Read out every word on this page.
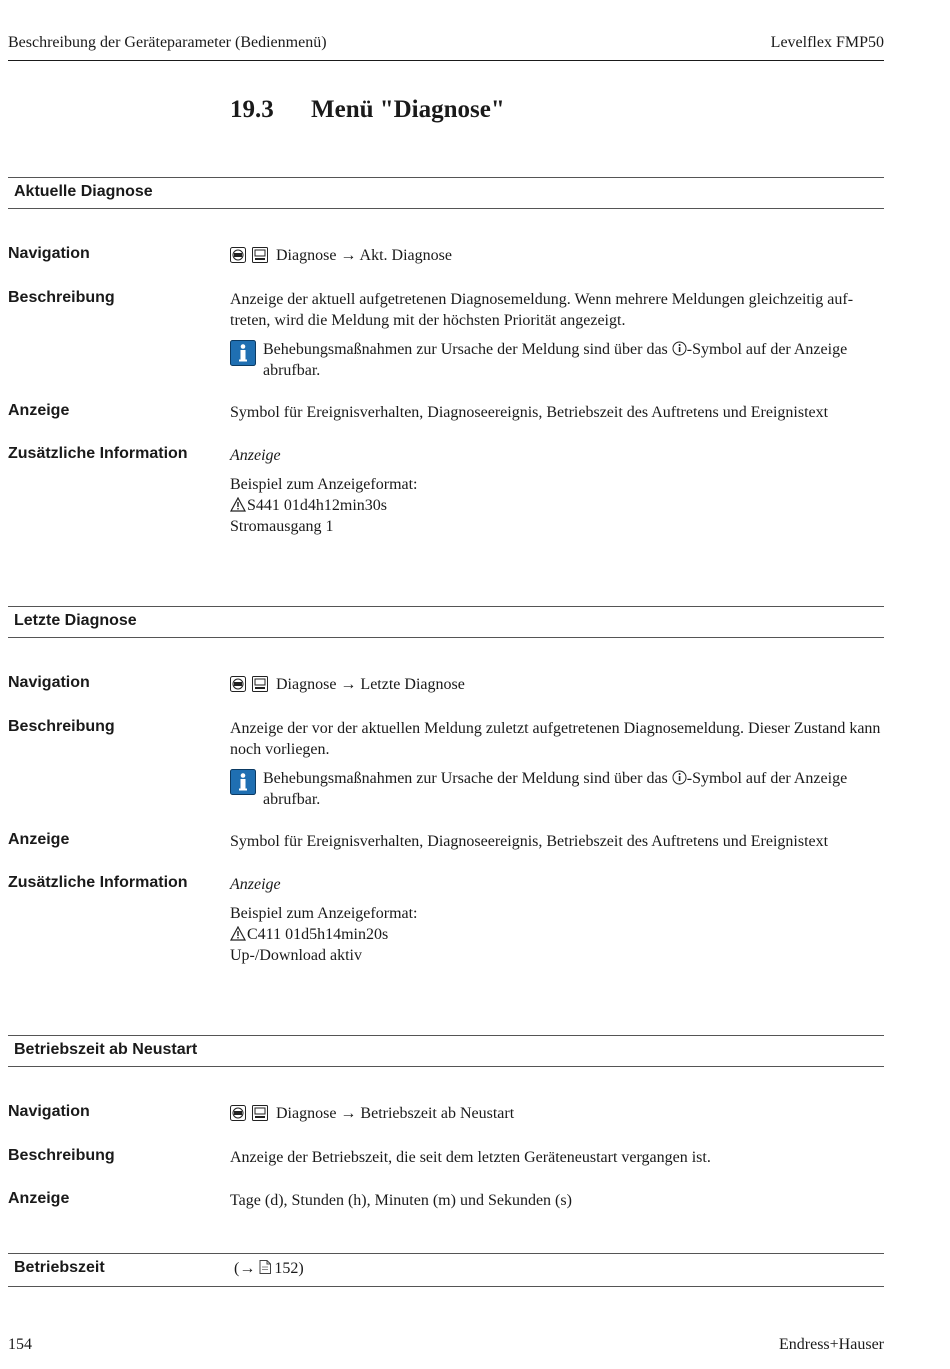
Beschreibung der Geräteparameter (Bedienmenü)	Levelflex FMP50
19.3 Menü "Diagnose"
Aktuelle Diagnose
Navigation	Diagnose → Akt. Diagnose
Beschreibung	Anzeige der aktuell aufgetretenen Diagnosemeldung. Wenn mehrere Meldungen gleichzeitig auf- treten, wird die Meldung mit der höchsten Priorität angezeigt.
Behebungsmaßnahmen zur Ursache der Meldung sind über das -Symbol auf der Anzeige abrufbar.
Anzeige	Symbol für Ereignisverhalten, Diagnoseereignis, Betriebszeit des Auftretens und Ereignistext
Zusätzliche Information	Anzeige
Beispiel zum Anzeigeformat:
S441 01d4h12min30s
Stromausgang 1
Letzte Diagnose
Navigation	Diagnose → Letzte Diagnose
Beschreibung	Anzeige der vor der aktuellen Meldung zuletzt aufgetretenen Diagnosemeldung. Dieser Zustand kann noch vorliegen.
Behebungsmaßnahmen zur Ursache der Meldung sind über das -Symbol auf der Anzeige abrufbar.
Anzeige	Symbol für Ereignisverhalten, Diagnoseereignis, Betriebszeit des Auftretens und Ereignistext
Zusätzliche Information	Anzeige
Beispiel zum Anzeigeformat:
C411 01d5h14min20s
Up-/Download aktiv
Betriebszeit ab Neustart
Navigation	Diagnose → Betriebszeit ab Neustart
Beschreibung	Anzeige der Betriebszeit, die seit dem letzten Geräteneustart vergangen ist.
Anzeige	Tage (d), Stunden (h), Minuten (m) und Sekunden (s)
Betriebszeit	(→ 152)
154	Endress+Hauser
